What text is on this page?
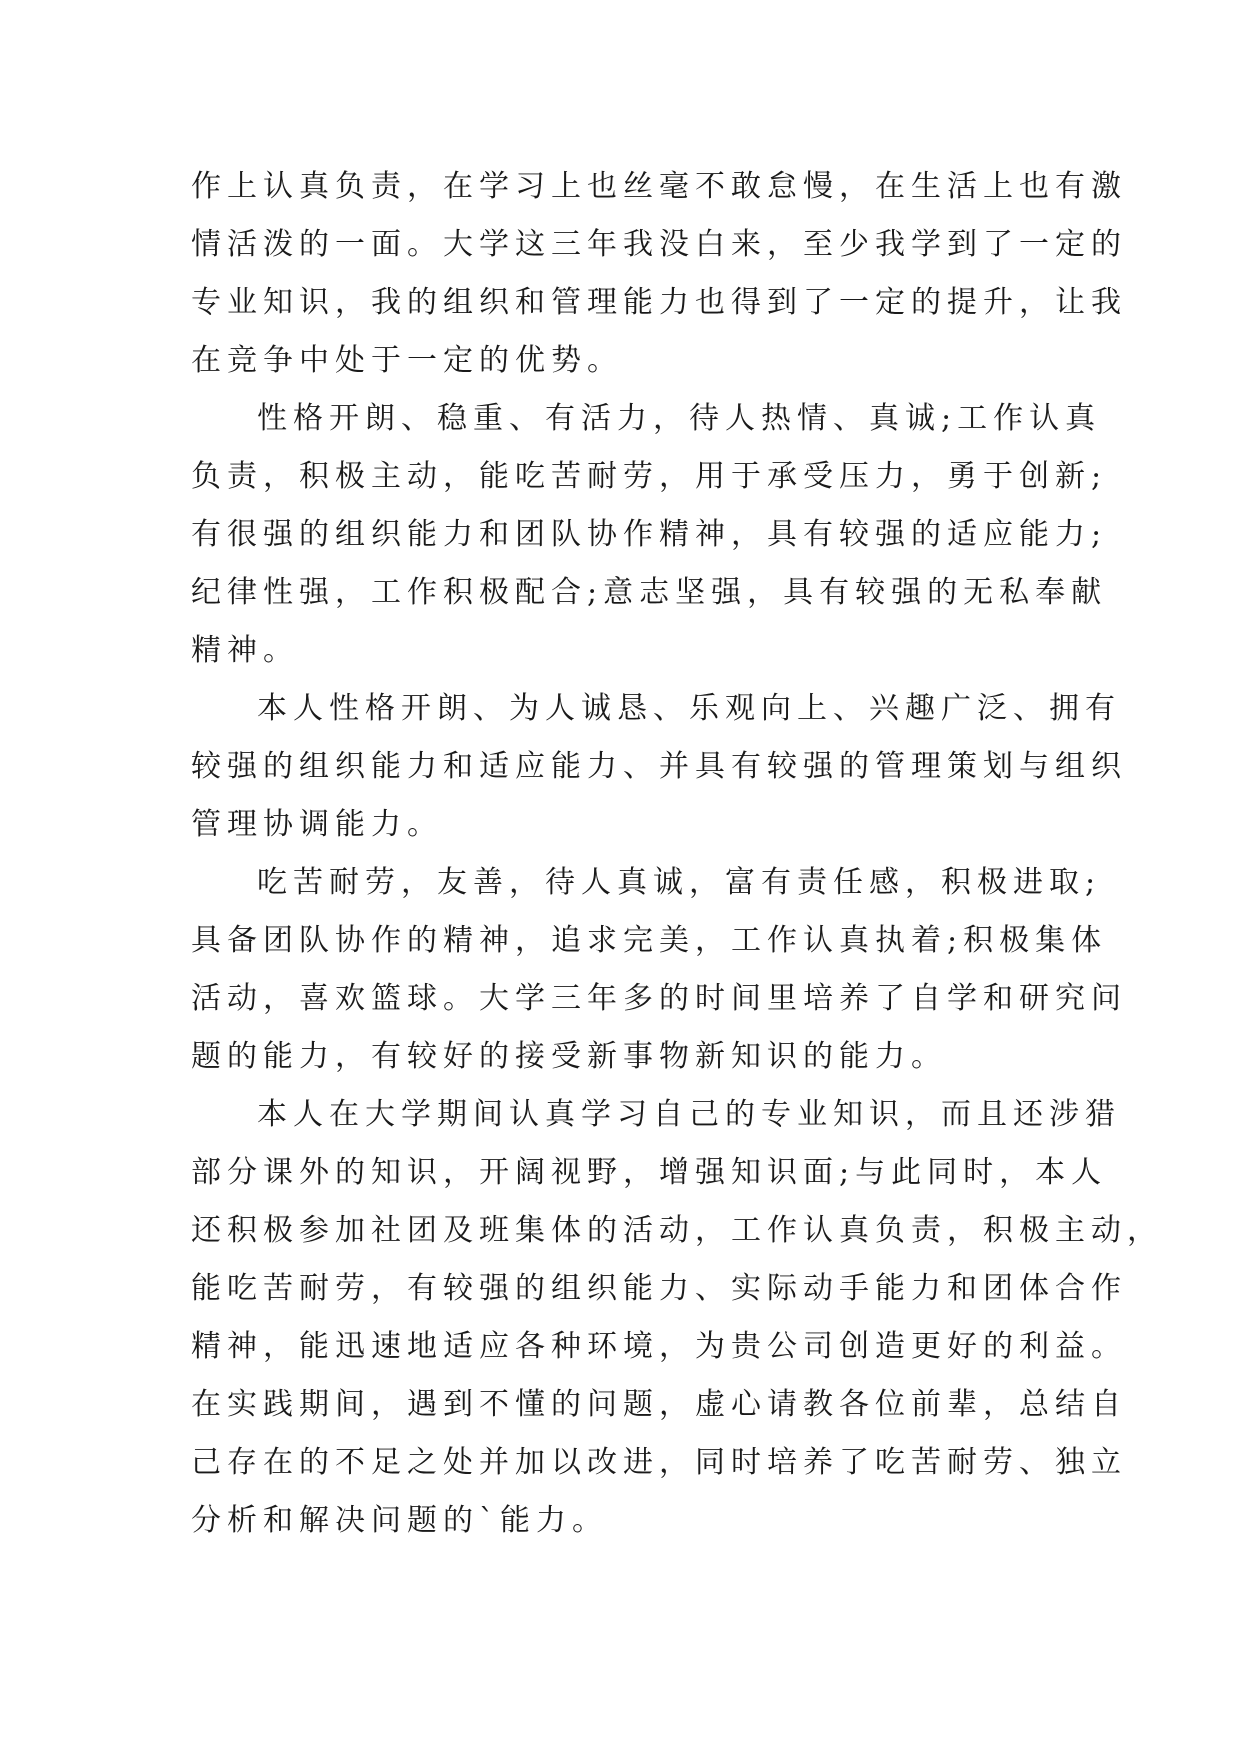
作上认真负责，在学习上也丝毫不敢怠慢，在生活上也有激
情活泼的一面。大学这三年我没白来，至少我学到了一定的
专业知识，我的组织和管理能力也得到了一定的提升，让我
在竞争中处于一定的优势。
性格开朗、稳重、有活力，待人热情、真诚;工作认真
负责，积极主动，能吃苦耐劳，用于承受压力，勇于创新;
有很强的组织能力和团队协作精神，具有较强的适应能力;
纪律性强，工作积极配合;意志坚强，具有较强的无私奉献
精神。
本人性格开朗、为人诚恳、乐观向上、兴趣广泛、拥有
较强的组织能力和适应能力、并具有较强的管理策划与组织
管理协调能力。
吃苦耐劳，友善，待人真诚，富有责任感，积极进取;
具备团队协作的精神，追求完美，工作认真执着;积极集体
活动，喜欢篮球。大学三年多的时间里培养了自学和研究问
题的能力，有较好的接受新事物新知识的能力。
本人在大学期间认真学习自己的专业知识，而且还涉猎
部分课外的知识，开阔视野，增强知识面;与此同时，本人
还积极参加社团及班集体的活动，工作认真负责，积极主动，
能吃苦耐劳，有较强的组织能力、实际动手能力和团体合作
精神，能迅速地适应各种环境，为贵公司创造更好的利益。
在实践期间，遇到不懂的问题，虚心请教各位前辈，总结自
己存在的不足之处并加以改进，同时培养了吃苦耐劳、独立
分析和解决问题的`能力。
